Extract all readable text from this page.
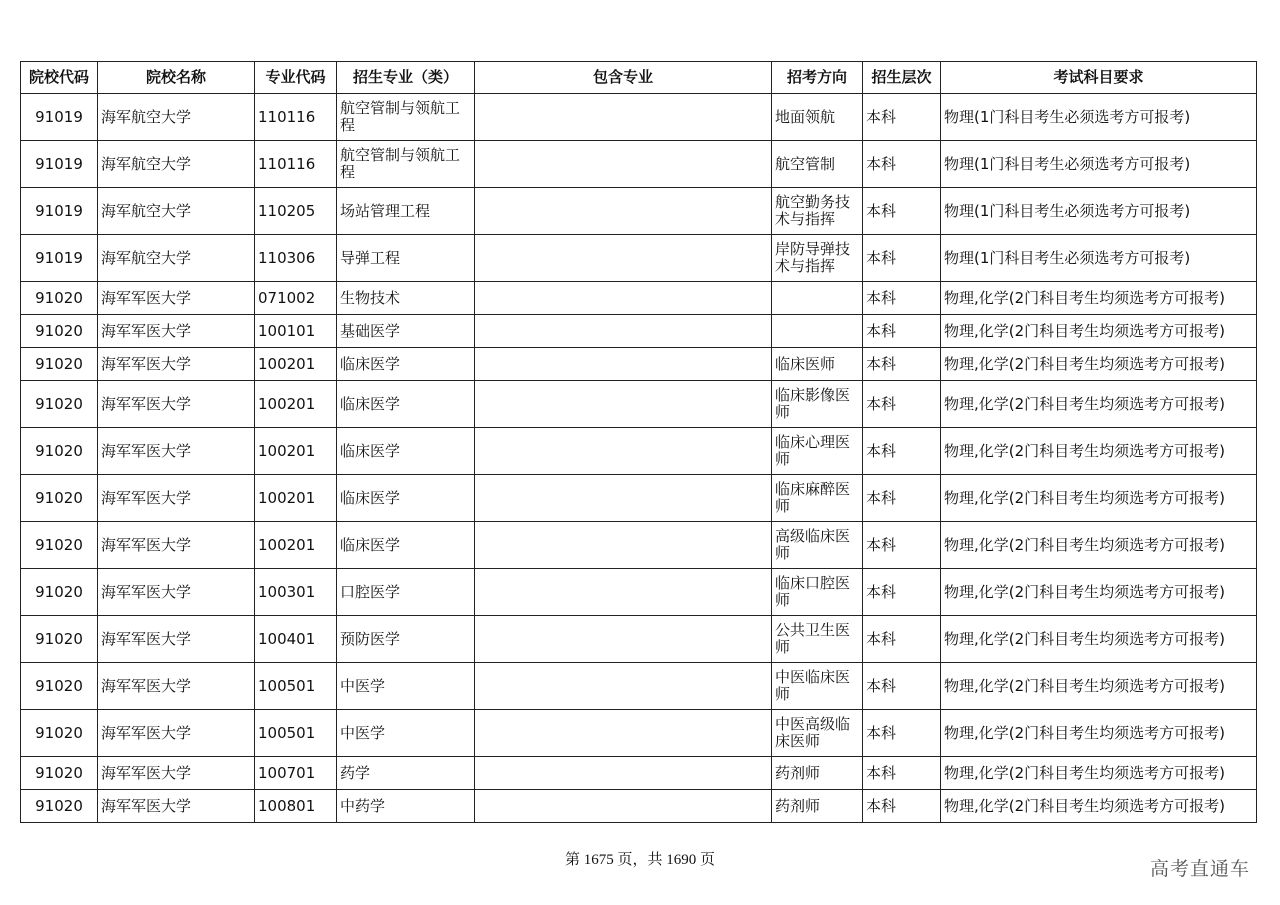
院校代码	院校名称	专业代码	招生专业（类）	包含专业	招考方向	招生层次	考试科目要求
91019	海军航空大学	110116	航空管制与领航工程		地面领航	本科	物理(1门科目考生必须选考方可报考)
91019	海军航空大学	110116	航空管制与领航工程		航空管制	本科	物理(1门科目考生必须选考方可报考)
91019	海军航空大学	110205	场站管理工程		航空勤务技术与指挥	本科	物理(1门科目考生必须选考方可报考)
91019	海军航空大学	110306	导弹工程		岸防导弹技术与指挥	本科	物理(1门科目考生必须选考方可报考)
91020	海军军医大学	071002	生物技术			本科	物理,化学(2门科目考生均须选考方可报考)
91020	海军军医大学	100101	基础医学			本科	物理,化学(2门科目考生均须选考方可报考)
91020	海军军医大学	100201	临床医学		临床医师	本科	物理,化学(2门科目考生均须选考方可报考)
91020	海军军医大学	100201	临床医学		临床影像医师	本科	物理,化学(2门科目考生均须选考方可报考)
91020	海军军医大学	100201	临床医学		临床心理医师	本科	物理,化学(2门科目考生均须选考方可报考)
91020	海军军医大学	100201	临床医学		临床麻醉医师	本科	物理,化学(2门科目考生均须选考方可报考)
91020	海军军医大学	100201	临床医学		高级临床医师	本科	物理,化学(2门科目考生均须选考方可报考)
91020	海军军医大学	100301	口腔医学		临床口腔医师	本科	物理,化学(2门科目考生均须选考方可报考)
91020	海军军医大学	100401	预防医学		公共卫生医师	本科	物理,化学(2门科目考生均须选考方可报考)
91020	海军军医大学	100501	中医学		中医临床医师	本科	物理,化学(2门科目考生均须选考方可报考)
91020	海军军医大学	100501	中医学		中医高级临床医师	本科	物理,化学(2门科目考生均须选考方可报考)
91020	海军军医大学	100701	药学		药剂师	本科	物理,化学(2门科目考生均须选考方可报考)
91020	海军军医大学	100801	中药学		药剂师	本科	物理,化学(2门科目考生均须选考方可报考)
第 1675 页，共 1690 页	高考直通车
